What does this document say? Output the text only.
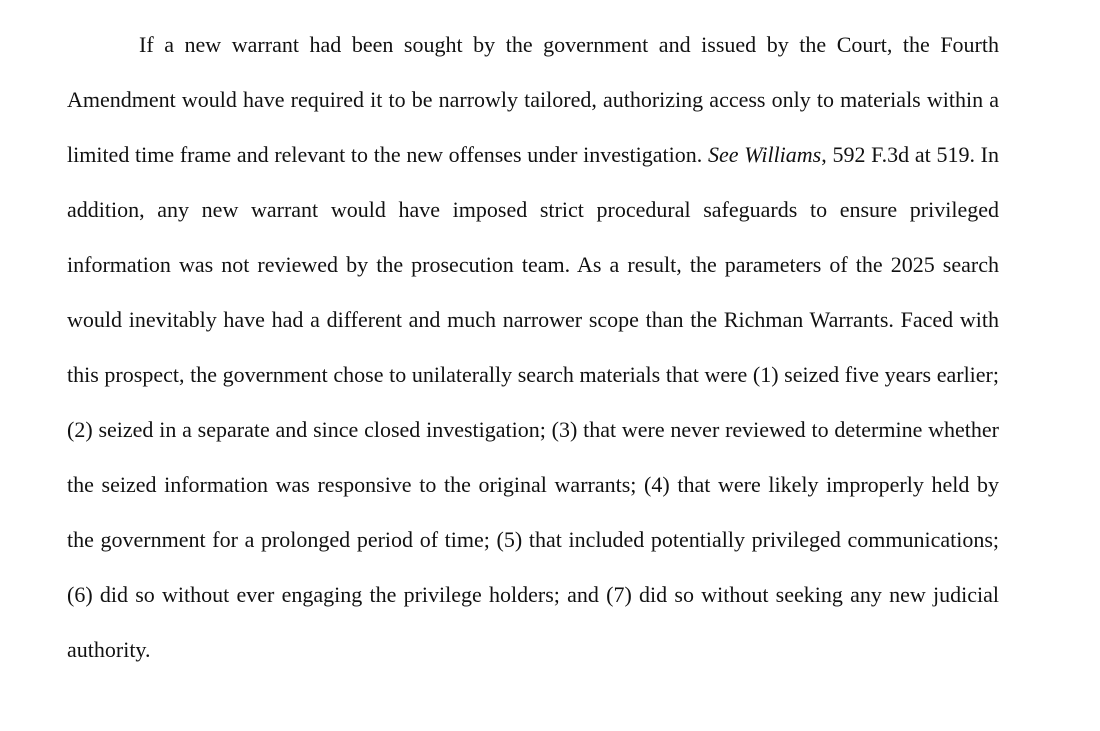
If a new warrant had been sought by the government and issued by the Court, the Fourth Amendment would have required it to be narrowly tailored, authorizing access only to materials within a limited time frame and relevant to the new offenses under investigation. See Williams, 592 F.3d at 519. In addition, any new warrant would have imposed strict procedural safeguards to ensure privileged information was not reviewed by the prosecution team. As a result, the parameters of the 2025 search would inevitably have had a different and much narrower scope than the Richman Warrants. Faced with this prospect, the government chose to unilaterally search materials that were (1) seized five years earlier; (2) seized in a separate and since closed investigation; (3) that were never reviewed to determine whether the seized information was responsive to the original warrants; (4) that were likely improperly held by the government for a prolonged period of time; (5) that included potentially privileged communications; (6) did so without ever engaging the privilege holders; and (7) did so without seeking any new judicial authority.
